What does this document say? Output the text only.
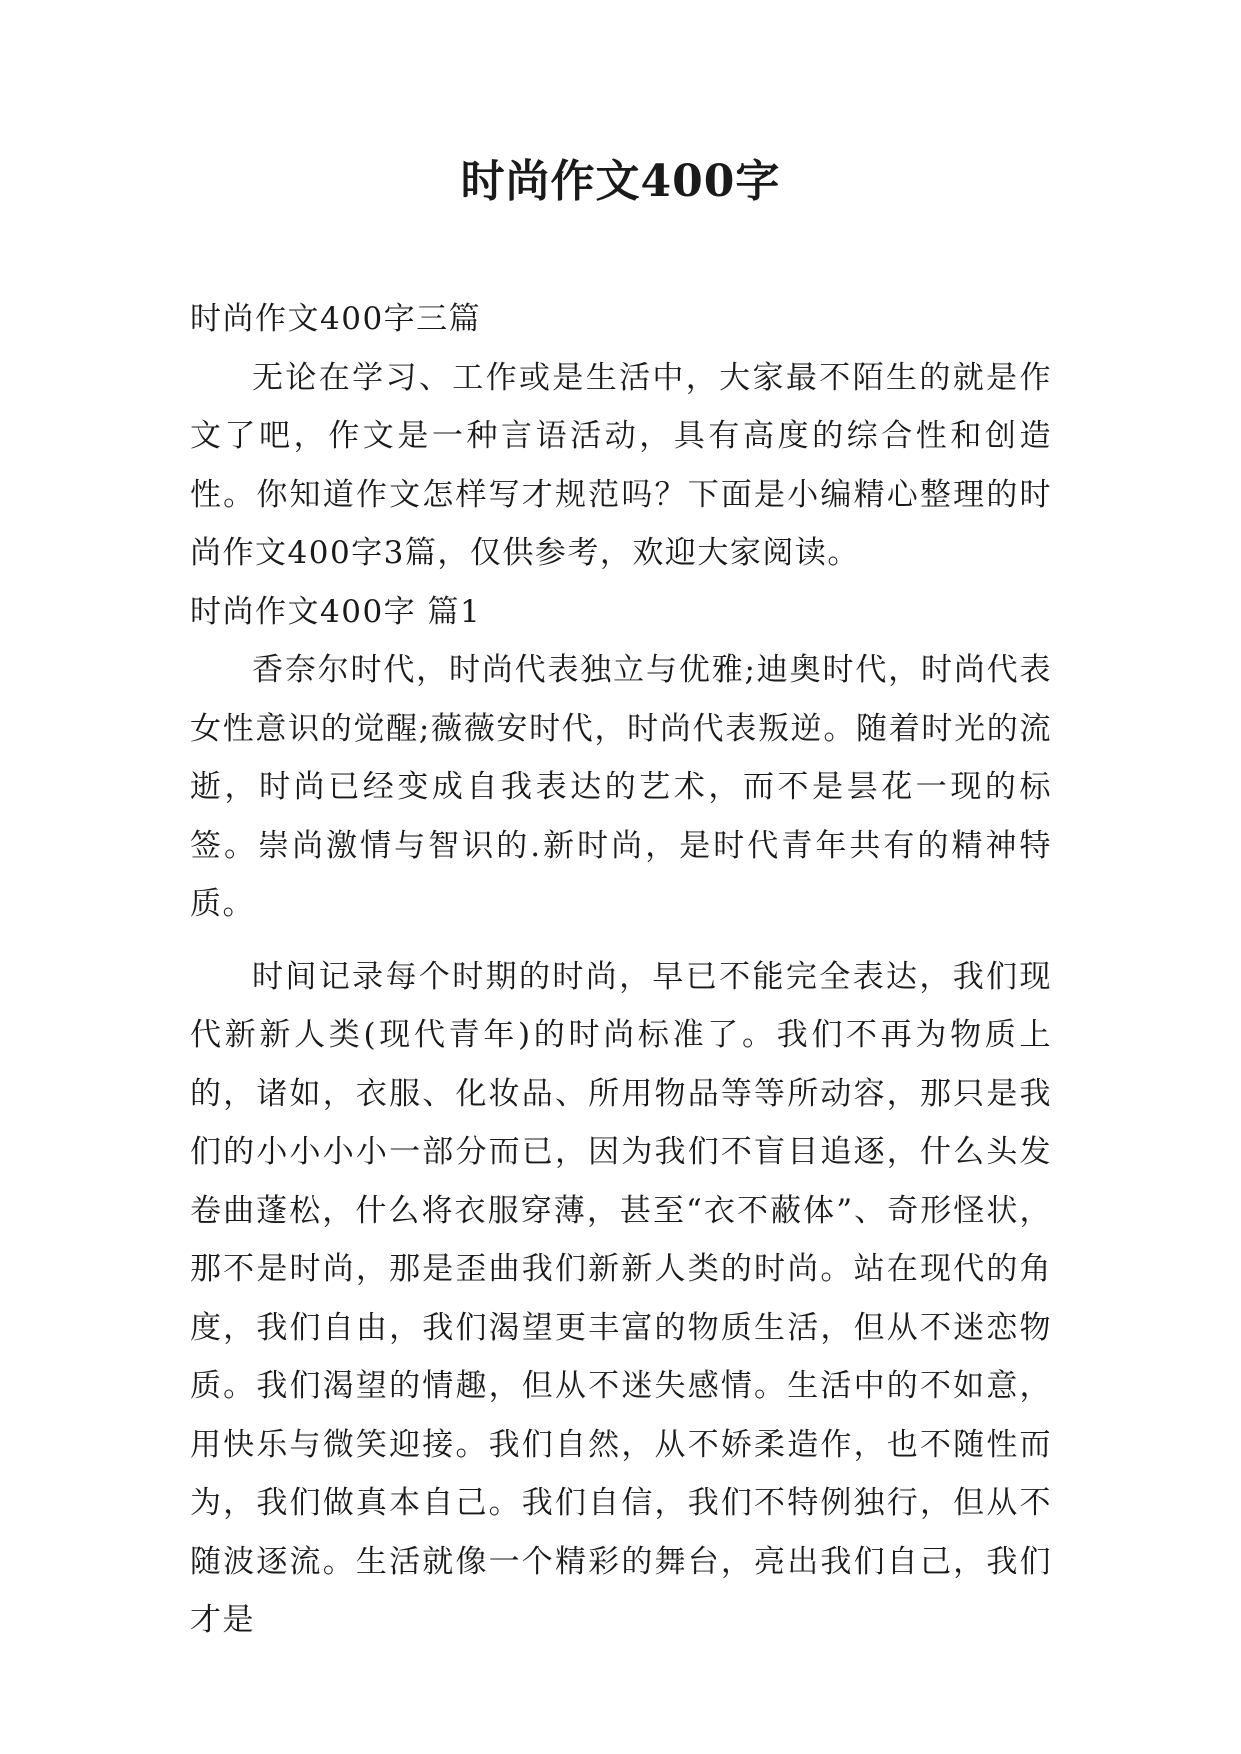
时尚作文400字

时尚作文400字三篇

无论在学习、工作或是生活中，大家最不陌生的就是作文了吧，作文是一种言语活动，具有高度的综合性和创造性。你知道作文怎样写才规范吗？下面是小编精心整理的时尚作文400字3篇，仅供参考，欢迎大家阅读。

时尚作文400字 篇1

香奈尔时代，时尚代表独立与优雅;迪奥时代，时尚代表女性意识的觉醒;薇薇安时代，时尚代表叛逆。随着时光的流逝，时尚已经变成自我表达的艺术，而不是昙花一现的标签。崇尚激情与智识的.新时尚，是时代青年共有的精神特质。

时间记录每个时期的时尚，早已不能完全表达，我们现代新新人类(现代青年)的时尚标准了。我们不再为物质上的，诸如，衣服、化妆品、所用物品等等所动容，那只是我们的小小小小一部分而已，因为我们不盲目追逐，什么头发卷曲蓬松，什么将衣服穿薄，甚至“衣不蔽体”、奇形怪状，那不是时尚，那是歪曲我们新新人类的时尚。站在现代的角度，我们自由，我们渴望更丰富的物质生活，但从不迷恋物质。我们渴望的情趣，但从不迷失感情。生活中的不如意，用快乐与微笑迎接。我们自然，从不娇柔造作，也不随性而为，我们做真本自己。我们自信，我们不特例独行，但从不随波逐流。生活就像一个精彩的舞台，亮出我们自己，我们才是
